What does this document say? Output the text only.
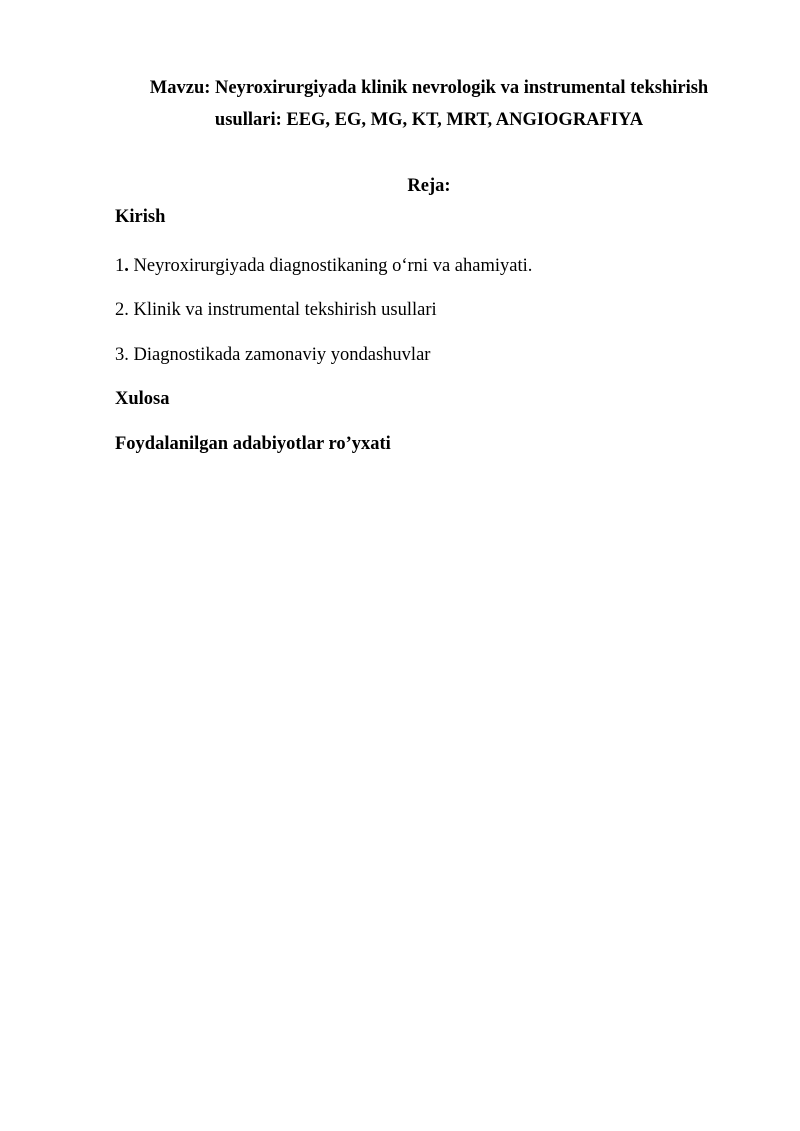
Mavzu: Neyroxirurgiyada klinik nevrologik va instrumental tekshirish

usullari: EEG, EG, MG, KT, MRT, ANGIOGRAFIYA

Reja:

Kirish

1. Neyroxirurgiyada diagnostikaning o‘rni va ahamiyati.

2. Klinik va instrumental tekshirish usullari

3. Diagnostikada zamonaviy yondashuvlar

Xulosa

Foydalanilgan adabiyotlar ro’yxati
